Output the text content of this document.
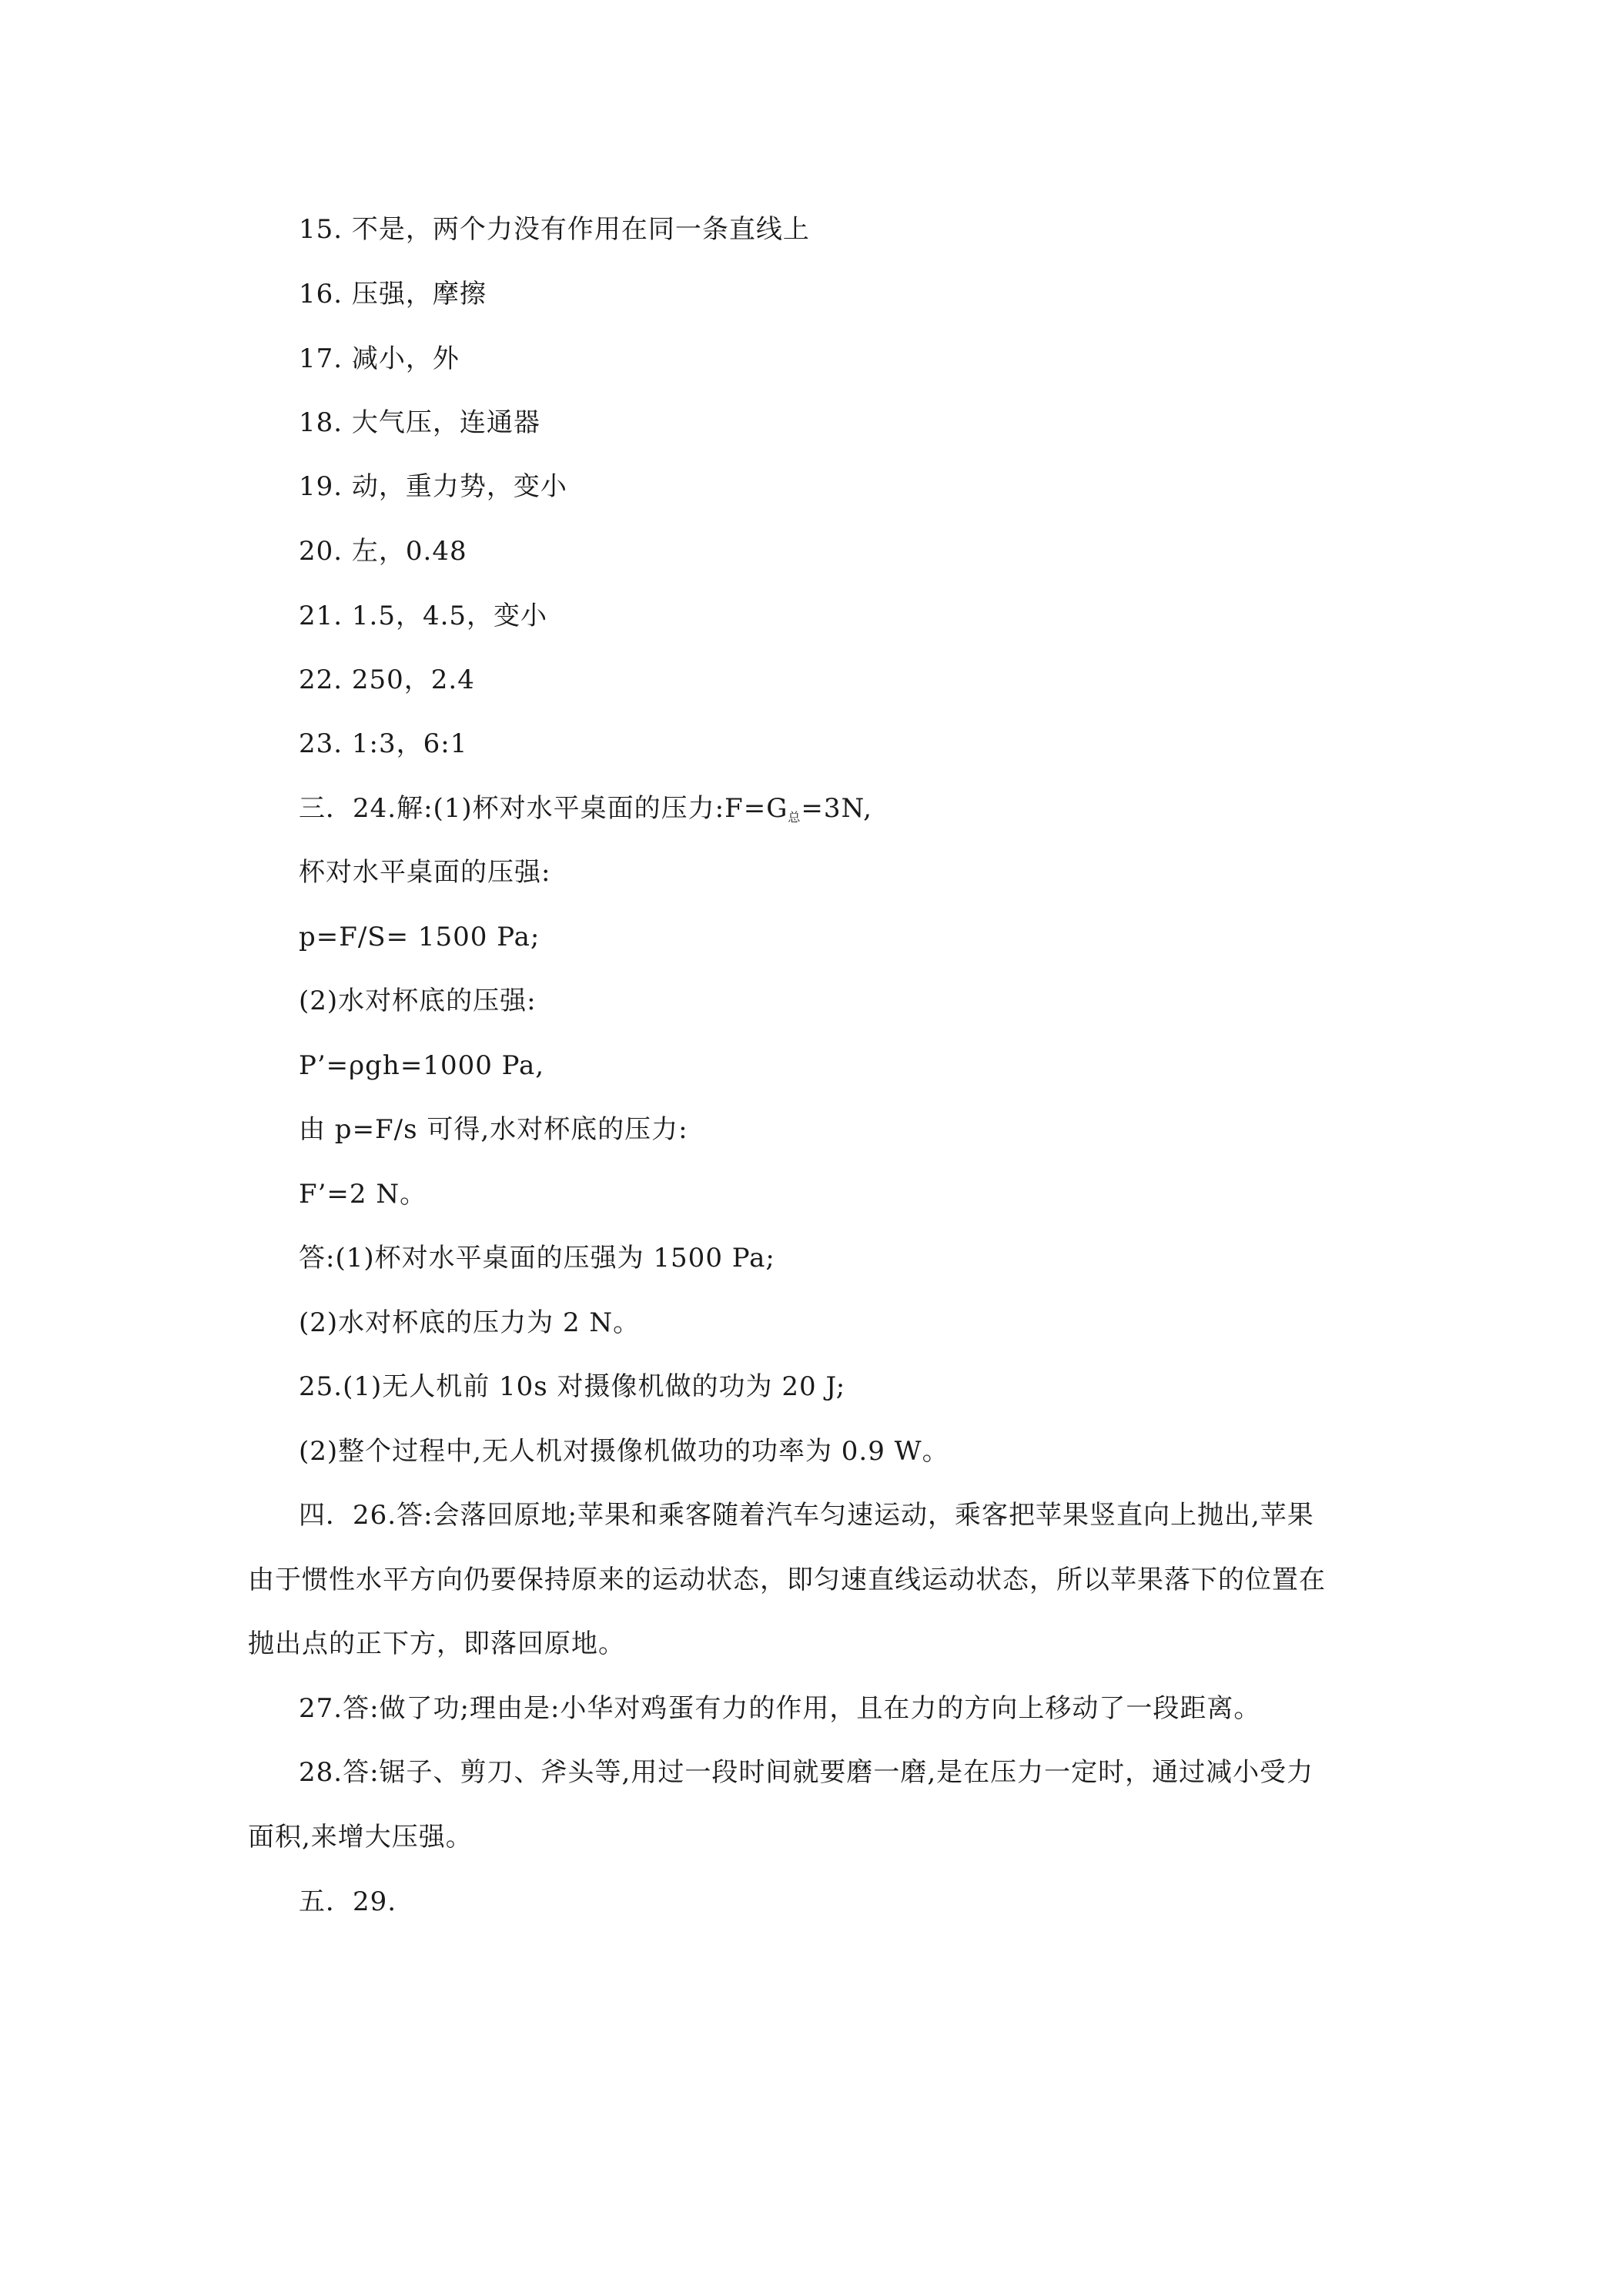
15. 不是，两个力没有作用在同一条直线上
16. 压强，摩擦
17. 减小，外
18. 大气压，连通器
19. 动，重力势，变小
20. 左，0.48
21. 1.5，4.5，变小
22. 250，2.4
23. 1:3，6:1
三．24.解:(1)杯对水平桌面的压力$:F=G_总=3N$,
杯对水平桌面的压强:
p=F/S= 1500 Pa;
(2)水对杯底的压强:
P’=ρgh=1000 Pa,
由 p=F/s 可得,水对杯底的压力:
F’=2 N。
答:(1)杯对水平桌面的压强为 1500 Pa;
(2)水对杯底的压力为 2 N。
25.(1)无人机前 10s 对摄像机做的功为 20 J;
(2)整个过程中,无人机对摄像机做功的功率为 0.9 W。
四．26.答:会落回原地;苹果和乘客随着汽车匀速运动，乘客把苹果竖直向上抛出,苹果
由于惯性水平方向仍要保持原来的运动状态，即匀速直线运动状态，所以苹果落下的位置在
抛出点的正下方，即落回原地。
27.答:做了功;理由是:小华对鸡蛋有力的作用，且在力的方向上移动了一段距离。
28.答:锯子、剪刀、斧头等,用过一段时间就要磨一磨,是在压力一定时，通过减小受力
面积,来增大压强。
五．29.
